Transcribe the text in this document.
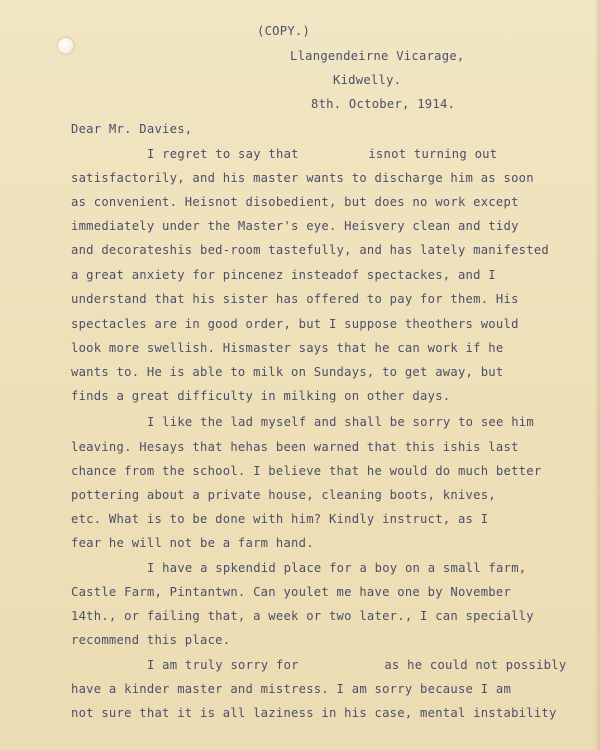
(COPY.)
Llangendeirne Vicarage,
Kidwelly.
8th. October, 1914.
Dear Mr. Davies,
I regret to say that	isnot turning out
satisfactorily, and his master wants to discharge him as soon
as convenient. Heisnot disobedient, but does no work except
immediately under the Master's eye. Heisvery clean and tidy
and decorateshis bed-room tastefully, and has lately manifested
a great anxiety for pincenez insteadof spectackes, and I
understand that his sister has offered to pay for them. His
spectacles are in good order, but I suppose theothers would
look more swellish. Hismaster says that he can work if he
wants to. He is able to milk on Sundays, to get away, but
finds a great difficulty in milking on other days.
I like the lad myself and shall be sorry to see him
leaving. Hesays that hehas been warned that this ishis last
chance from the school. I believe that he would do much better
pottering about a private house, cleaning boots, knives,
etc. What is to be done with him? Kindly instruct, as I
fear he will not be a farm hand.
I have a spkendid place for a boy on a small farm,
Castle Farm, Pintantwn. Can youlet me have one by November
14th., or failing that, a week or two later., I can specially
recommend this place.
I am truly sorry for	as he could not possibly
have a kinder master and mistress. I am sorry because I am
not sure that it is all laziness in his case, mental instability
